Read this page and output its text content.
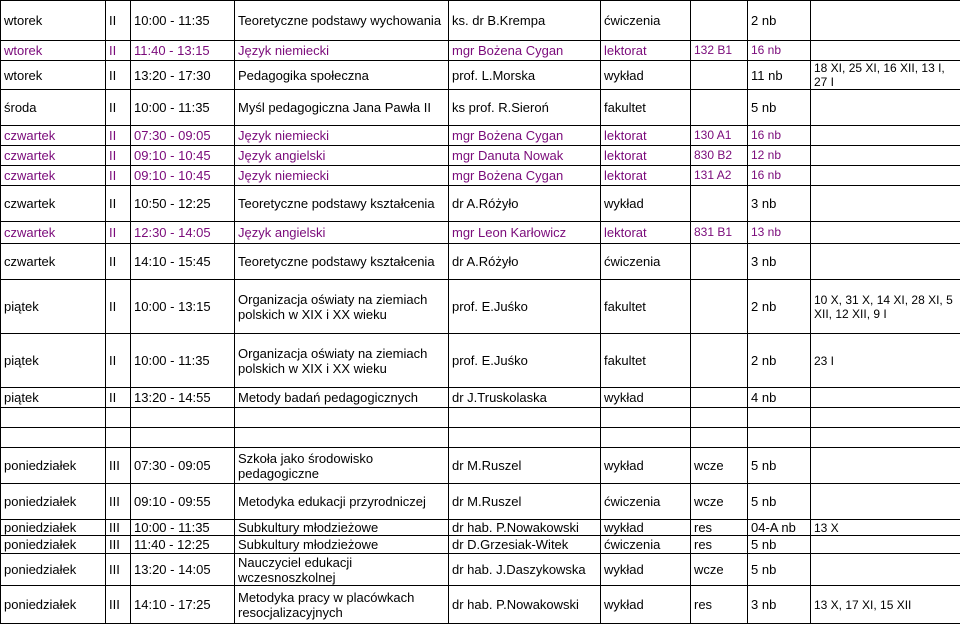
wtorek	II	10:00 - 11:35	Teoretyczne podstawy wychowania	ks. dr B.Krempa	ćwiczenia		2 nb	
wtorek	II	11:40 - 13:15	Język niemiecki	mgr Bożena Cygan	lektorat	132 B1	16 nb	
wtorek	II	13:20 - 17:30	Pedagogika społeczna	prof. L.Morska	wykład		11 nb	18 XI, 25 XI, 16 XII, 13 I, 27 I
środa	II	10:00 - 11:35	Myśl pedagogiczna Jana Pawła II	ks prof. R.Sieroń	fakultet		5 nb	
czwartek	II	07:30 - 09:05	Język niemiecki	mgr Bożena Cygan	lektorat	130 A1	16 nb	
czwartek	II	09:10 - 10:45	Język angielski	mgr Danuta Nowak	lektorat	830 B2	12 nb	
czwartek	II	09:10 - 10:45	Język niemiecki	mgr Bożena Cygan	lektorat	131 A2	16 nb	
czwartek	II	10:50 - 12:25	Teoretyczne podstawy kształcenia	dr A.Różyło	wykład		3 nb	
czwartek	II	12:30 - 14:05	Język angielski	mgr Leon Karłowicz	lektorat	831 B1	13 nb	
czwartek	II	14:10 - 15:45	Teoretyczne podstawy kształcenia	dr A.Różyło	ćwiczenia		3 nb	
piątek	II	10:00 - 13:15	Organizacja oświaty na ziemiach polskich w XIX i XX wieku	prof. E.Juśko	fakultet		2 nb	10 X, 31 X, 14 XI, 28 XI, 5 XII, 12 XII, 9 I
piątek	II	10:00 - 11:35	Organizacja oświaty na ziemiach polskich w XIX i XX wieku	prof. E.Juśko	fakultet		2 nb	23 I
piątek	II	13:20 - 14:55	Metody badań pedagogicznych	dr J.Truskolaska	wykład		4 nb	

poniedziałek	III	07:30 - 09:05	Szkoła jako środowisko pedagogiczne	dr M.Ruszel	wykład	wcze	5 nb	
poniedziałek	III	09:10 - 09:55	Metodyka edukacji przyrodniczej	dr M.Ruszel	ćwiczenia	wcze	5 nb	
poniedziałek	III	10:00 - 11:35	Subkultury młodzieżowe	dr hab. P.Nowakowski	wykład	res	04-A nb	13 X
poniedziałek	III	11:40 - 12:25	Subkultury młodzieżowe	dr D.Grzesiak-Witek	ćwiczenia	res	5 nb	
poniedziałek	III	13:20 - 14:05	Nauczyciel edukacji wczesnoszkolnej	dr hab. J.Daszykowska	wykład	wcze	5 nb	
poniedziałek	III	14:10 - 17:25	Metodyka pracy w placówkach resocjalizacyjnych	dr hab. P.Nowakowski	wykład	res	3 nb	13 X, 17 XI, 15 XII
